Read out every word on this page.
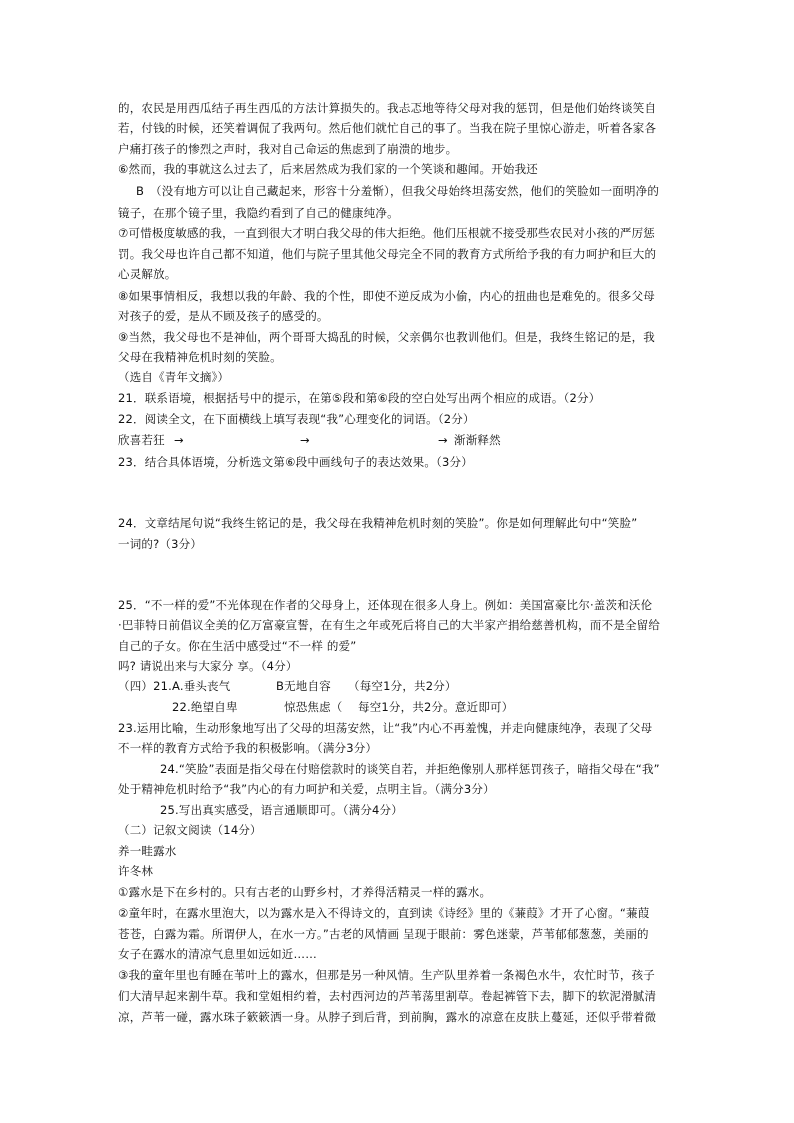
的，农民是用西瓜结子再生西瓜的方法计算损失的。我忐忑地等待父母对我的惩罚，但是他们始终谈笑自
若，付钱的时候，还笑着调侃了我两句。然后他们就忙自己的事了。当我在院子里惊心游走，听着各家各
户痛打孩子的惨烈之声时，我对自己命运的焦虑到了崩溃的地步。
⑥然而，我的事就这么过去了，后来居然成为我们家的一个笑谈和趣闻。开始我还
B　（没有地方可以让自己藏起来，形容十分羞惭），但我父母始终坦荡安然，他们的笑脸如一面明净的
镜子，在那个镜子里，我隐约看到了自己的健康纯净。
⑦可惜极度敏感的我，一直到很大才明白我父母的伟大拒绝。他们压根就不接受那些农民对小孩的严厉惩
罚。我父母也许自己都不知道，他们与院子里其他父母完全不同的教育方式所给予我的有力呵护和巨大的
心灵解放。
⑧如果事情相反，我想以我的年龄、我的个性，即使不逆反成为小偷，内心的扭曲也是难免的。很多父母
对孩子的爱，是从不顾及孩子的感受的。
⑨当然，我父母也不是神仙，两个哥哥大捣乱的时候，父亲偶尔也教训他们。但是，我终生铭记的是，我
父母在我精神危机时刻的笑脸。
（选自《青年文摘》）
21．联系语境，根据括号中的提示，在第⑤段和第⑥段的空白处写出两个相应的成语。（2分）
22．阅读全文，在下面横线上填写表现“我”心理变化的词语。（2分）
欣喜若狂 →	→	→ 渐渐释然
23．结合具体语境，分析选文第⑥段中画线句子的表达效果。（3分）
24．文章结尾句说“我终生铭记的是，我父母在我精神危机时刻的笑脸”。你是如何理解此句中“笑脸”
一词的?（3分）
25．“不一样的爱”不光体现在作者的父母身上，还体现在很多人身上。例如：美国富豪比尔·盖茨和沃伦
·巴菲特日前倡议全美的亿万富豪宣誓，在有生之年或死后将自己的大半家产捐给慈善机构，而不是全留给
自己的子女。你在生活中感受过“不一样 的爱”
吗? 请说出来与大家分 享。（4分）
（四）21.A.垂头丧气	B无地自容 （每空1分，共2分）
22.绝望自卑	惊恐焦虑（ 每空1分，共2分。意近即可）
23.运用比喻，生动形象地写出了父母的坦荡安然，让“我”内心不再羞愧，并走向健康纯净，表现了父母
不一样的教育方式给予我的积极影响。（满分3分）
24.“笑脸”表面是指父母在付赔偿款时的谈笑自若，并拒绝像别人那样惩罚孩子，暗指父母在“我”
处于精神危机时给予“我”内心的有力呵护和关爱，点明主旨。（满分3分）
25.写出真实感受，语言通顺即可。（满分4分）
（二）记叙文阅读（14分）
养一畦露水
许冬林
①露水是下在乡村的。只有古老的山野乡村，才养得活精灵一样的露水。
②童年时，在露水里泡大，以为露水是入不得诗文的，直到读《诗经》里的《蒹葭》才开了心窗。“蒹葭
苍苍，白露为霜。所谓伊人，在水一方。”古老的风情画 呈现于眼前：雾色迷蒙，芦苇郁郁葱葱，美丽的
女子在露水的清凉气息里如远如近……
③我的童年里也有睡在苇叶上的露水，但那是另一种风情。生产队里养着一条褐色水牛，农忙时节，孩子
们大清早起来割牛草。我和堂姐相约着，去村西河边的芦苇荡里割草。卷起裤管下去，脚下的软泥滑腻清
凉，芦苇一碰，露水珠子簌簌洒一身。从脖子到后背，到前胸，露水的凉意在皮肤上蔓延，还似乎带着微
